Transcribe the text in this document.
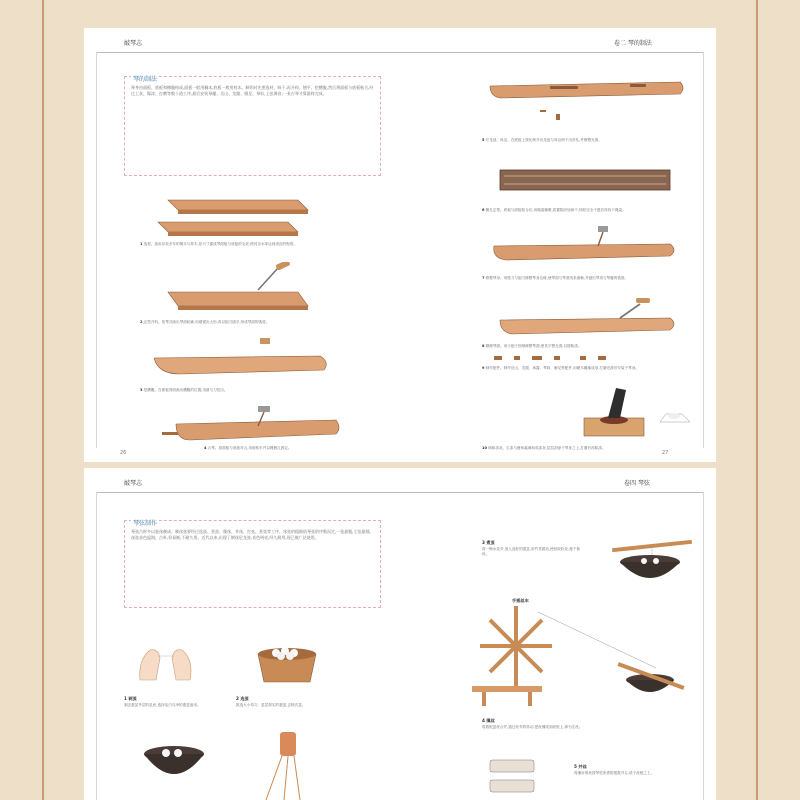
敲琴志
琴的制法
琴身由面板、底板和槽腹构成,面板一般用桐木,底板一般用梓木。制作时先要选材、晾干,再开料、刨平、挖槽腹,然后将面板与底板粘合,经过上灰、髹漆、打磨等数十道工序,最后安装琴徽、岳山、龙龈、雁足、琴轸,上弦调音,一张古琴才算最终完成。
1 选材。选用存放多年的桐木与梓木,依尺寸锯成琴面板与底板的毛坯,使其含水率达到适宜的程度。
2 定型开料。依琴式画出琴面轮廓,用锯锯出大形,再以刨刀刨平,形成琴面的弧度。
3 挖槽腹。在面板背面画出槽腹的位置,用凿与刀挖出。
4 合琴。将面板与底板对合,用胶粘牢并以绳捆扎固定。
26
卷二 琴的制法
5 开龙池、凤沼。在底板上按比例开出龙池与凤沼两个出音孔,并修整光滑。
6 捆扎定型。底板与面板粘合后,用绳索缠紧,放置阴凉处晾干,待胶完全干透后再拆下绳索。
7 修整琴身。用锉刀与刨刀修整琴身边缘,使琴面与琴底线条流畅,并刨出琴项与琴腰的弧度。
8 精修琴面。用小刨子细细修整琴面,使其平整光滑,以便髹漆。
9 制作配件。制作岳山、龙龈、承露、琴轸、雁足等配件,用硬木雕琢成形,打磨光滑后安装于琴身。
10 调和漆灰。生漆与鹿角霜调和成漆灰,层层刮涂于琴身之上,打磨后再髹漆。
27
敲琴志
琴弦制作
琴弦古时多以蚕丝制成。制丝弦要经过选茧、煮茧、缫丝、并丝、打弦、煮弦等工序。丝弦的粗细依琴弦的序数而定,一弦最粗,七弦最细。
丝弦音色温润、古朴,但易断,不耐久用。近代以来,出现了钢丝尼龙弦,音色明亮,经久耐用,现已被广泛使用。
1 剥茧
剥去蚕茧外层的乱丝,选择洁白匀净的蚕茧备用。
2 选茧
挑选大小均匀、茧层厚实的蚕茧,去除次茧。
卷四 琴弦
3 煮茧
将一锅水烧开,放入选好的蚕茧,用竹签搅动,使丝胶软化,便于抽丝。
手摇丝车
4 缫丝
将数根茧丝合并,通过丝车的转动,把丝缠绕到丝框上,即为生丝。
5 并丝
将缫好的丝按琴弦所需的根数并合,绕于丝框之上。
